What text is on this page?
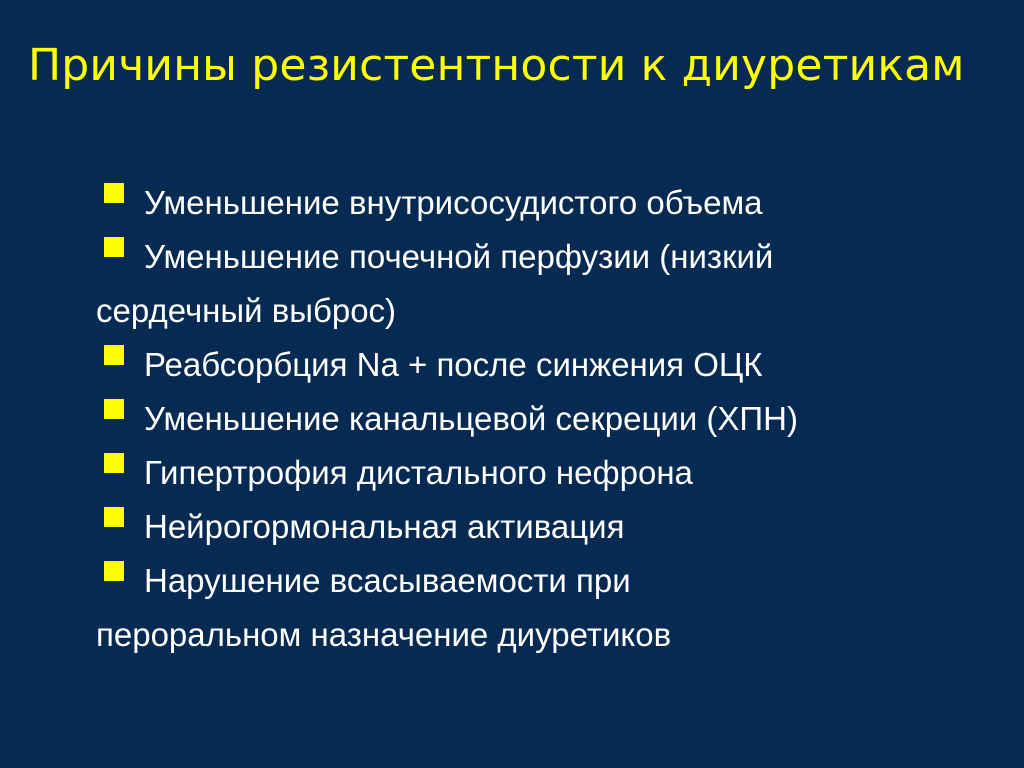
Причины резистентности к диуретикам
Уменьшение внутрисосудистого объема
Уменьшение почечной перфузии (низкий
сердечный выброс)
Реабсорбция Na + после синжения ОЦК
Уменьшение канальцевой секреции (ХПН)
Гипертрофия дистального нефрона
Нейрогормональная активация
Нарушение всасываемости при
пероральном назначение диуретиков
